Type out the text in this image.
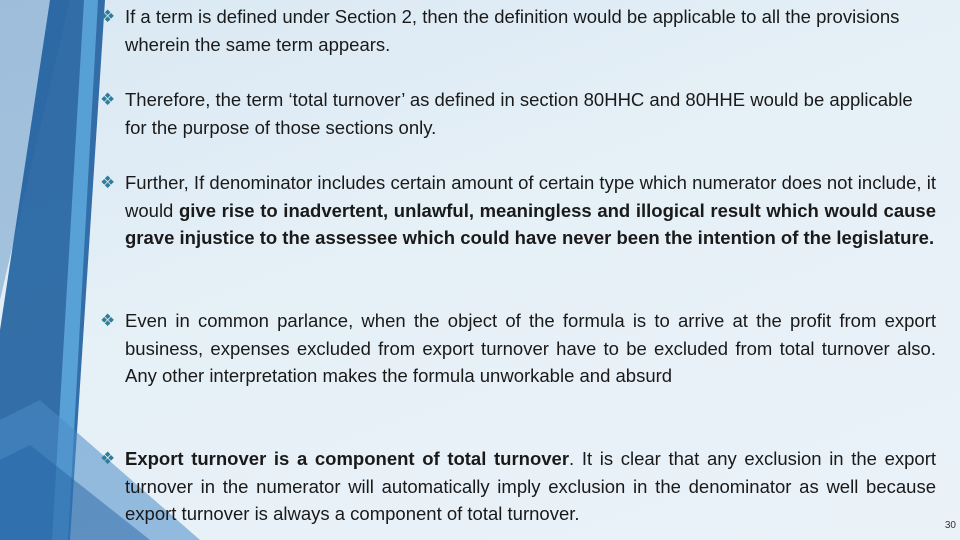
❖ If a term is defined under Section 2, then the definition would be applicable to all the provisions wherein the same term appears.
❖ Therefore, the term ‘total turnover’ as defined in section 80HHC and 80HHE would be applicable for the purpose of those sections only.
❖ Further, If denominator includes certain amount of certain type which numerator does not include, it would give rise to inadvertent, unlawful, meaningless and illogical result which would cause grave injustice to the assessee which could have never been the intention of the legislature.
❖ Even in common parlance, when the object of the formula is to arrive at the profit from export business, expenses excluded from export turnover have to be excluded from total turnover also. Any other interpretation makes the formula unworkable and absurd
❖ Export turnover is a component of total turnover. It is clear that any exclusion in the export turnover in the numerator will automatically imply exclusion in the denominator as well because export turnover is always a component of total turnover.
30
